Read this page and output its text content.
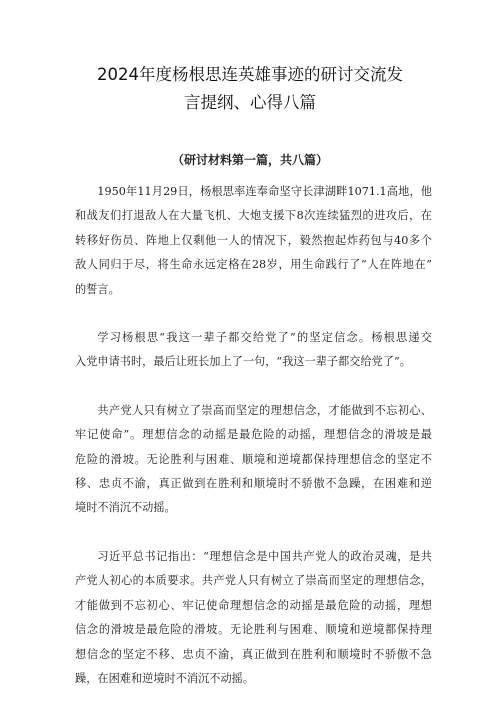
2024年度杨根思连英雄事迹的研讨交流发
言提纲、心得八篇
（研讨材料第一篇，共八篇）
1950年11月29日，杨根思率连奉命坚守长津湖畔1071.1高地，他
和战友们打退敌人在大量飞机、大炮支援下8次连续猛烈的进攻后，在
转移好伤员、阵地上仅剩他一人的情况下，毅然抱起炸药包与40多个
敌人同归于尽，将生命永远定格在28岁，用生命践行了“人在阵地在”
的誓言。
学习杨根思“我这一辈子都交给党了”的坚定信念。杨根思递交
入党申请书时，最后让班长加上了一句，“我这一辈子都交给党了”。
共产党人只有树立了崇高而坚定的理想信念，才能做到不忘初心、
牢记使命”。理想信念的动摇是最危险的动摇，理想信念的滑坡是最
危险的滑坡。无论胜利与困难、顺境和逆境都保持理想信念的坚定不
移、忠贞不渝，真正做到在胜利和顺境时不骄傲不急躁，在困难和逆
境时不消沉不动摇。
习近平总书记指出：“理想信念是中国共产党人的政治灵魂，是共
产党人初心的本质要求。共产党人只有树立了崇高而坚定的理想信念，
才能做到不忘初心、牢记使命理想信念的动摇是最危险的动摇，理想
信念的滑坡是最危险的滑坡。无论胜利与困难、顺境和逆境都保持理
想信念的坚定不移、忠贞不渝，真正做到在胜利和顺境时不骄傲不急
躁，在困难和逆境时不消沉不动摇。
